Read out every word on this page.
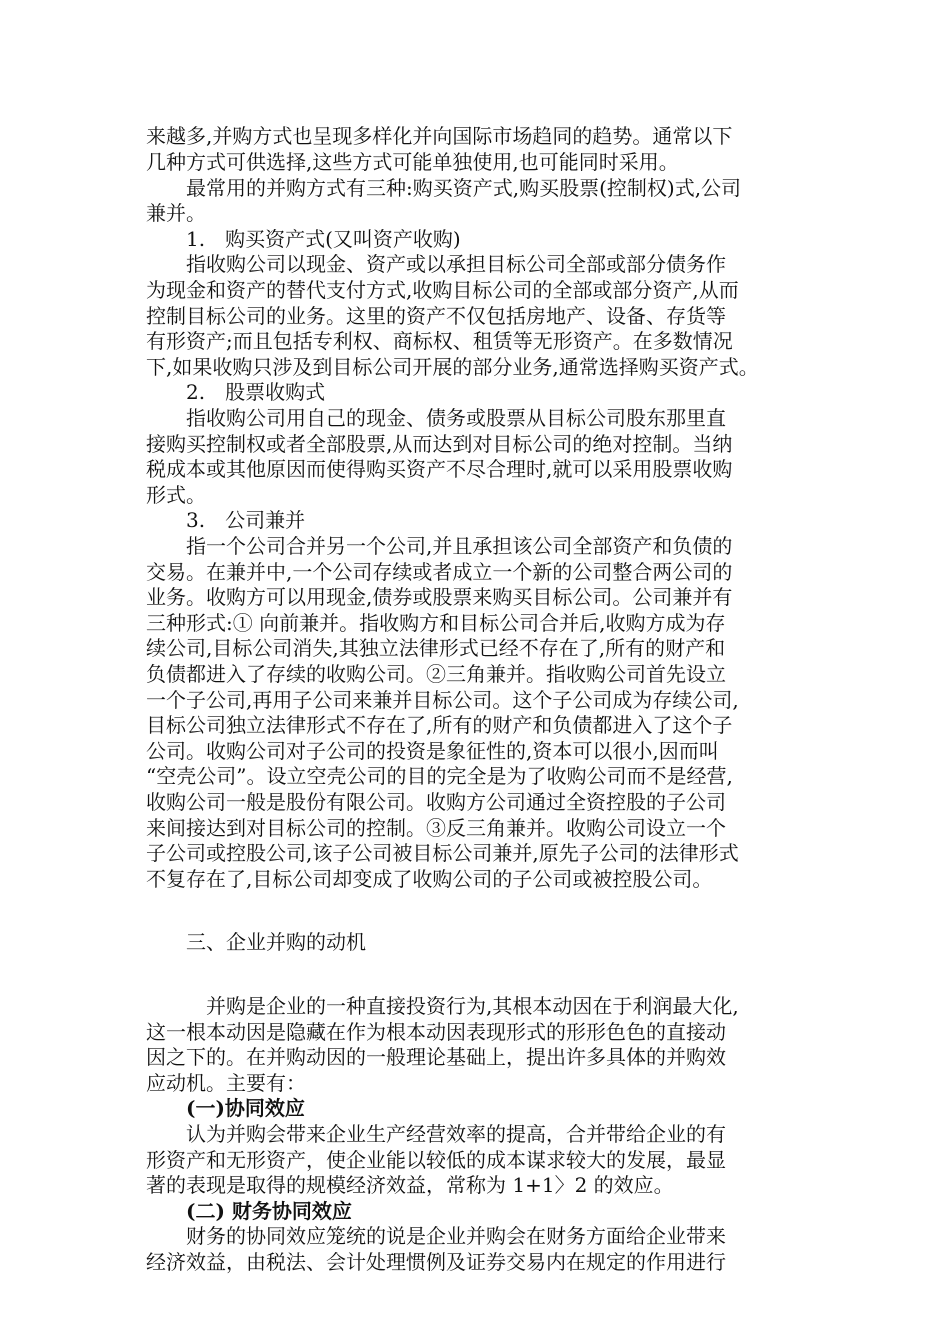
来越多,并购方式也呈现多样化并向国际市场趋同的趋势。通常以下
几种方式可供选择,这些方式可能单独使用,也可能同时采用。
　　最常用的并购方式有三种:购买资产式,购买股票(控制权)式,公司
兼并。
　　1.　购买资产式(又叫资产收购)
　　指收购公司以现金、资产或以承担目标公司全部或部分债务作
为现金和资产的替代支付方式,收购目标公司的全部或部分资产,从而
控制目标公司的业务。这里的资产不仅包括房地产、设备、存货等
有形资产;而且包括专利权、商标权、租赁等无形资产。在多数情况
下,如果收购只涉及到目标公司开展的部分业务,通常选择购买资产式。
　　2.　股票收购式
　　指收购公司用自己的现金、债务或股票从目标公司股东那里直
接购买控制权或者全部股票,从而达到对目标公司的绝对控制。当纳
税成本或其他原因而使得购买资产不尽合理时,就可以采用股票收购
形式。
　　3.　公司兼并
　　指一个公司合并另一个公司,并且承担该公司全部资产和负债的
交易。在兼并中,一个公司存续或者成立一个新的公司整合两公司的
业务。收购方可以用现金,债券或股票来购买目标公司。公司兼并有
三种形式:① 向前兼并。指收购方和目标公司合并后,收购方成为存
续公司,目标公司消失,其独立法律形式已经不存在了,所有的财产和
负债都进入了存续的收购公司。②三角兼并。指收购公司首先设立
一个子公司,再用子公司来兼并目标公司。这个子公司成为存续公司,
目标公司独立法律形式不存在了,所有的财产和负债都进入了这个子
公司。收购公司对子公司的投资是象征性的,资本可以很小,因而叫
“空壳公司”。设立空壳公司的目的完全是为了收购公司而不是经营,
收购公司一般是股份有限公司。收购方公司通过全资控股的子公司
来间接达到对目标公司的控制。③反三角兼并。收购公司设立一个
子公司或控股公司,该子公司被目标公司兼并,原先子公司的法律形式
不复存在了,目标公司却变成了收购公司的子公司或被控股公司。
　　三、企业并购的动机
　　　并购是企业的一种直接投资行为,其根本动因在于利润最大化,
这一根本动因是隐藏在作为根本动因表现形式的形形色色的直接动
因之下的。在并购动因的一般理论基础上，提出许多具体的并购效
应动机。主要有：
　　(一)协同效应
　　认为并购会带来企业生产经营效率的提高，合并带给企业的有
形资产和无形资产，使企业能以较低的成本谋求较大的发展，最显
著的表现是取得的规模经济效益，常称为 1+1〉2 的效应。
　　(二) 财务协同效应
　　财务的协同效应笼统的说是企业并购会在财务方面给企业带来
经济效益，由税法、会计处理惯例及证券交易内在规定的作用进行
